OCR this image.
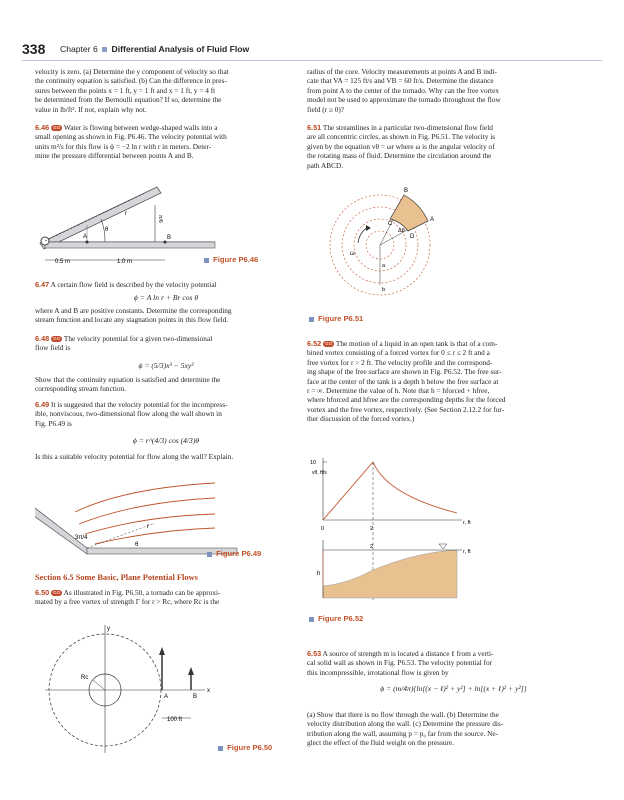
338 Chapter 6 Differential Analysis of Fluid Flow
velocity is zero. (a) Determine the y component of velocity so that
the continuity equation is satisfied. (b) Can the difference in pres-
sures between the points x = 1 ft, y = 1 ft and x = 1 ft, y = 4 ft
be determined from the Bernoulli equation? If so, determine the
value in lb/ft². If not, explain why not.
6.46 GO Water is flowing between wedge-shaped walls into a
small opening as shown in Fig. P6.46. The velocity potential with
units m²/s for this flow is ϕ = −2 ln r with r in meters. Deter-
mine the pressure differential between points A and B.
A	B
θ
r
π/6
0.5 m	1.0 m	Figure P6.46
6.47 A certain flow field is described by the velocity potential
ϕ = A ln r + Br cos θ
where A and B are positive constants. Determine the corresponding
stream function and locate any stagnation points in this flow field.
6.48 GO The velocity potential for a given two-dimensional
flow field is
ϕ = (5/3)x³ − 5xy²
Show that the continuity equation is satisfied and determine the
corresponding stream function.
6.49 It is suggested that the velocity potential for the incompress-
ible, nonviscous, two-dimensional flow along the wall shown in
Fig. P6.49 is
ϕ = r^(4/3) cos (4/3)θ
Is this a suitable velocity potential for flow along the wall? Explain.
r
θ
3π/4
Figure P6.49
Section 6.5 Some Basic, Plane Potential Flows
6.50 GO As illustrated in Fig. P6.50, a tornado can be approxi-
mated by a free vortex of strength Γ for r > Rc, where Rc is the
y
x
Rc
A	B
100 ft
Figure P6.50
radius of the core. Velocity measurements at points A and B indi-
cate that VA = 125 ft/s and VB = 60 ft/s. Determine the distance
from point A to the center of the tornado. Why can the free vortex
model not be used to approximate the tornado throughout the flow
field (r ≥ 0)?
6.51 The streamlines in a particular two-dimensional flow field
are all concentric circles, as shown in Fig. P6.51. The velocity is
given by the equation vθ = ωr where ω is the angular velocity of
the rotating mass of fluid. Determine the circulation around the
path ABCD.
C
B
A
D
Δθ
a
b
ω
Figure P6.51
6.52 GO The motion of a liquid in an open tank is that of a com-
bined vortex consisting of a forced vortex for 0 ≤ r ≤ 2 ft and a
free vortex for r > 2 ft. The velocity profile and the correspond-
ing shape of the free surface are shown in Fig. P6.52. The free sur-
face at the center of the tank is a depth h below the free surface at
r = ∞. Determine the value of h. Note that h = hforced + hfree,
where hforced and hfree are the corresponding depths for the forced
vortex and the free vortex, respectively. (See Section 2.12.2 for fur-
ther discussion of the forced vortex.)
10
vθ, ft/s
0	2
r, ft
h
2
r, ft
Figure P6.52
6.53 A source of strength m is located a distance ℓ from a verti-
cal solid wall as shown in Fig. P6.53. The velocity potential for
this incompressible, irrotational flow is given by
ϕ = (m/4π){ln[(x − ℓ)² + y²] + ln[(x + ℓ)² + y²]}
(a) Show that there is no flow through the wall. (b) Determine the
velocity distribution along the wall. (c) Determine the pressure dis-
tribution along the wall, assuming p = p₀ far from the source. Ne-
glect the effect of the fluid weight on the pressure.
